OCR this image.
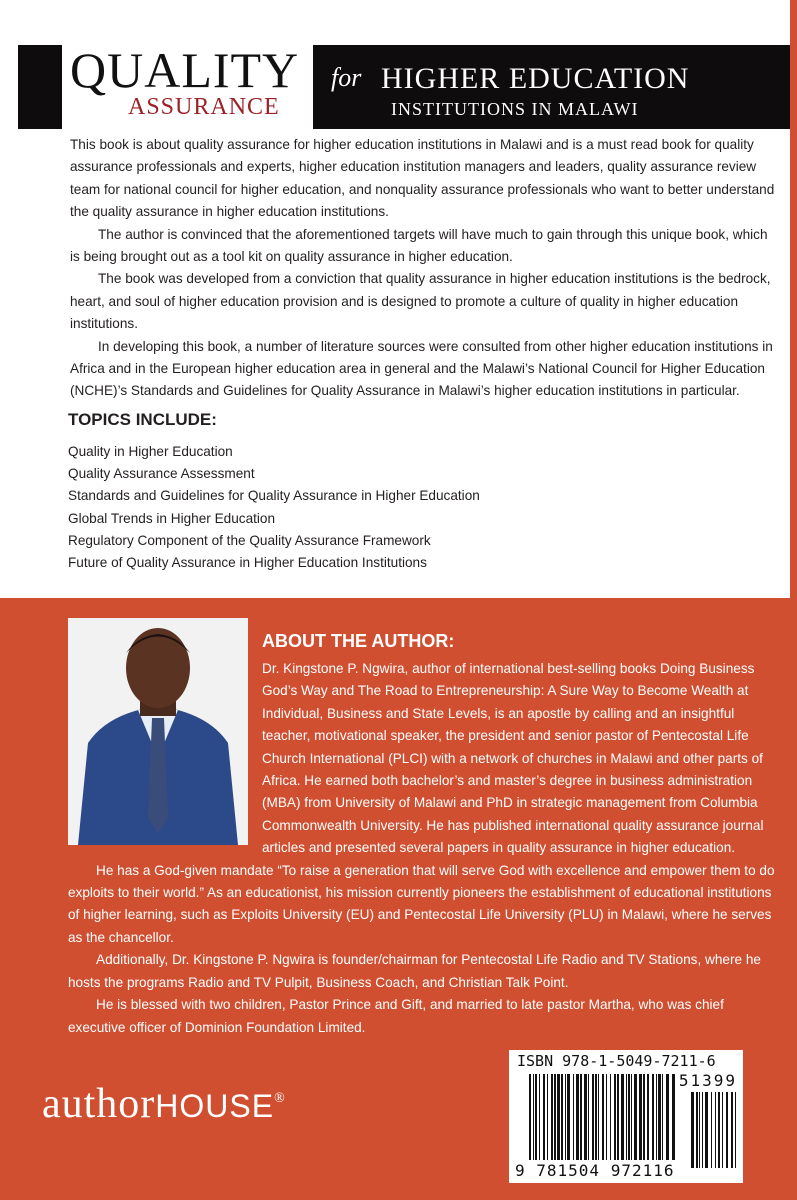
QUALITY
ASSURANCE
for HIGHER EDUCATION
INSTITUTIONS IN MALAWI

This book is about quality assurance for higher education institutions in Malawi and is a must read book for quality assurance professionals and experts, higher education institution managers and leaders, quality assurance review team for national council for higher education, and nonquality assurance professionals who want to better understand the quality assurance in higher education institutions.

The author is convinced that the aforementioned targets will have much to gain through this unique book, which is being brought out as a tool kit on quality assurance in higher education.

The book was developed from a conviction that quality assurance in higher education institutions is the bedrock, heart, and soul of higher education provision and is designed to promote a culture of quality in higher education institutions.

In developing this book, a number of literature sources were consulted from other higher education institutions in Africa and in the European higher education area in general and the Malawi’s National Council for Higher Education (NCHE)’s Standards and Guidelines for Quality Assurance in Malawi’s higher education institutions in particular.

TOPICS INCLUDE:
Quality in Higher Education
Quality Assurance Assessment
Standards and Guidelines for Quality Assurance in Higher Education
Global Trends in Higher Education
Regulatory Component of the Quality Assurance Framework
Future of Quality Assurance in Higher Education Institutions
ABOUT THE AUTHOR:

Dr. Kingstone P. Ngwira, author of international best-selling books Doing Business God’s Way and The Road to Entrepreneurship: A Sure Way to Become Wealth at Individual, Business and State Levels, is an apostle by calling and an insightful teacher, motivational speaker, the president and senior pastor of Pentecostal Life Church International (PLCI) with a network of churches in Malawi and other parts of Africa. He earned both bachelor’s and master’s degree in business administration (MBA) from University of Malawi and PhD in strategic management from Columbia Commonwealth University. He has published international quality assurance journal articles and presented several papers in quality assurance in higher education.

He has a God-given mandate “To raise a generation that will serve God with excellence and empower them to do exploits to their world.” As an educationist, his mission currently pioneers the establishment of educational institutions of higher learning, such as Exploits University (EU) and Pentecostal Life University (PLU) in Malawi, where he serves as the chancellor.

Additionally, Dr. Kingstone P. Ngwira is founder/chairman for Pentecostal Life Radio and TV Stations, where he hosts the programs Radio and TV Pulpit, Business Coach, and Christian Talk Point.

He is blessed with two children, Pastor Prince and Gift, and married to late pastor Martha, who was chief executive officer of Dominion Foundation Limited.

authorHOUSE®
ISBN 978-1-5049-7211-6
51399
9 781504 972116
